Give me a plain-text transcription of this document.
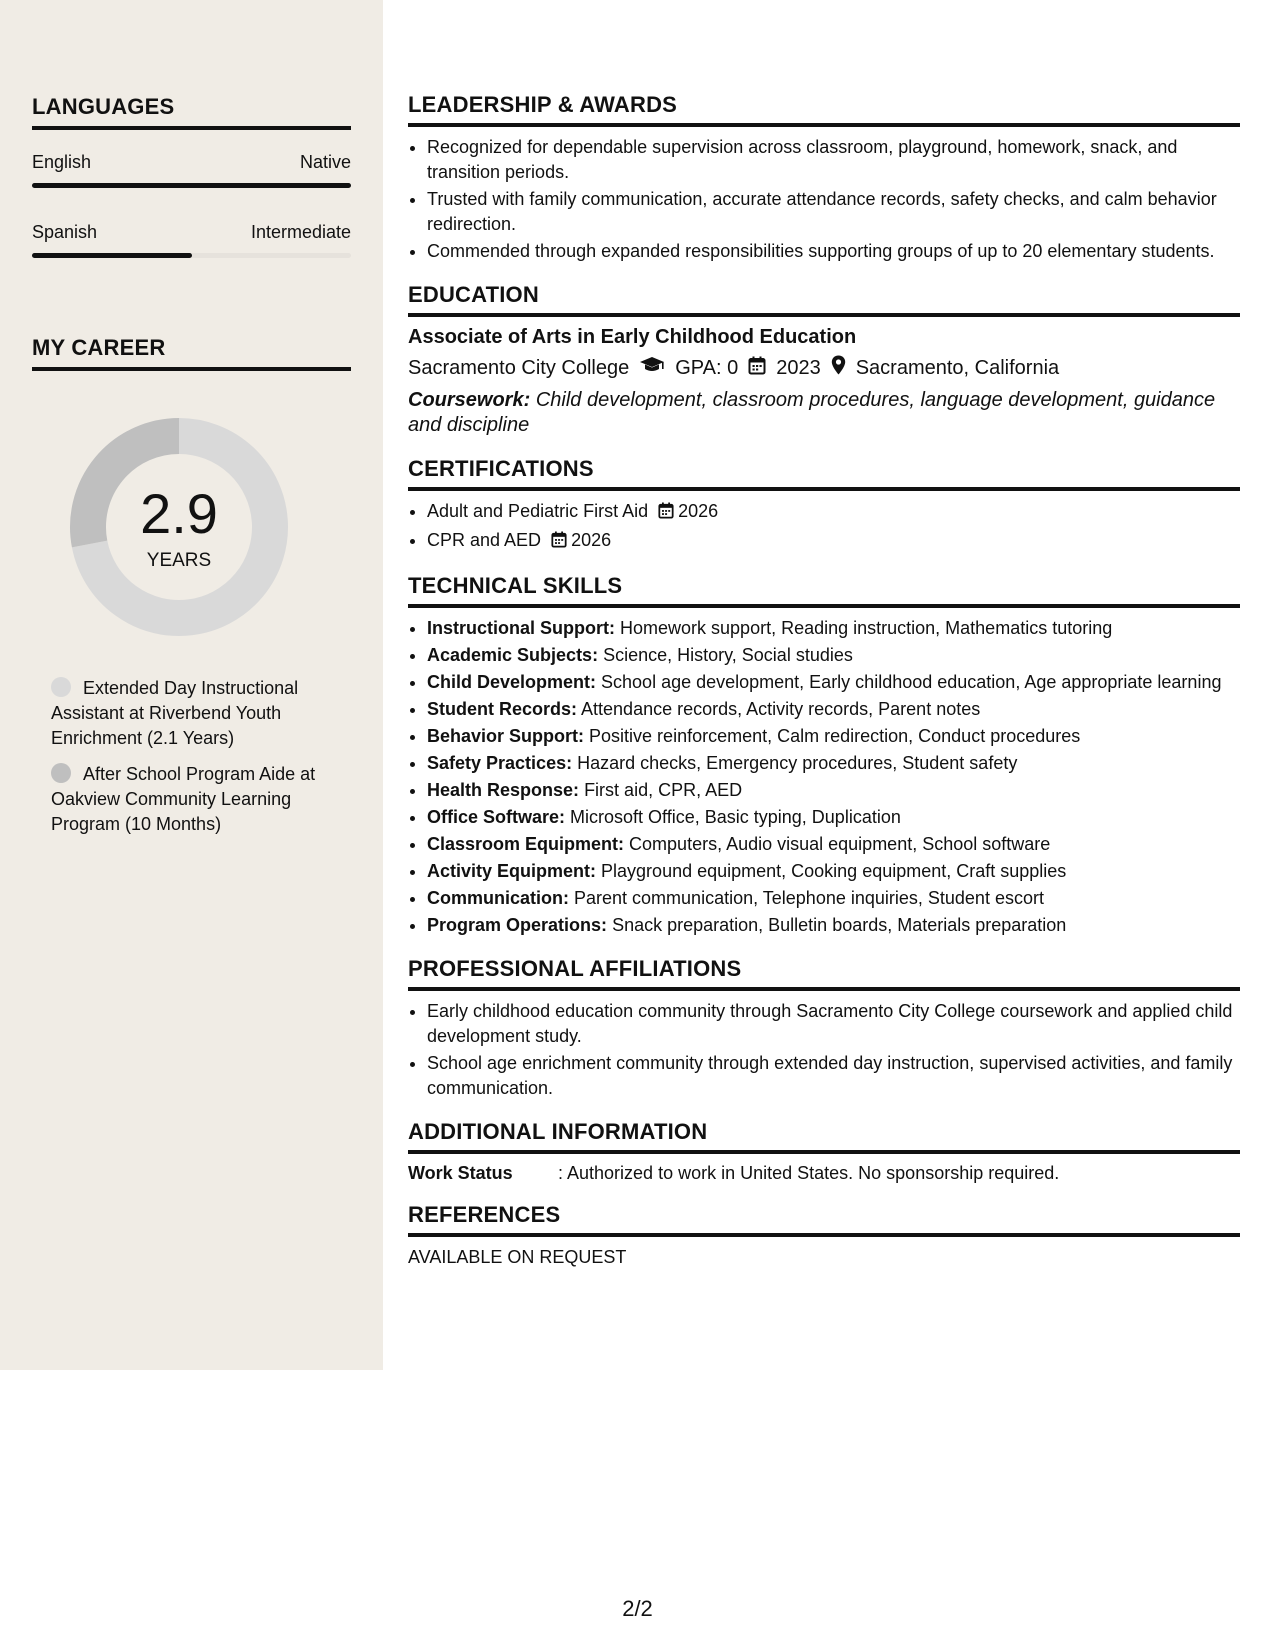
LANGUAGES
English	Native
Spanish	Intermediate
MY CAREER
2.9
YEARS
Extended Day Instructional Assistant at Riverbend Youth Enrichment (2.1 Years)
After School Program Aide at Oakview Community Learning Program (10 Months)
LEADERSHIP & AWARDS
• Recognized for dependable supervision across classroom, playground, homework, snack, and transition periods.
• Trusted with family communication, accurate attendance records, safety checks, and calm behavior redirection.
• Commended through expanded responsibilities supporting groups of up to 20 elementary students.
EDUCATION
Associate of Arts in Early Childhood Education
Sacramento City College GPA: 0 2023 Sacramento, California
Coursework: Child development, classroom procedures, language development, guidance and discipline
CERTIFICATIONS
• Adult and Pediatric First Aid 2026
• CPR and AED 2026
TECHNICAL SKILLS
• Instructional Support: Homework support, Reading instruction, Mathematics tutoring
• Academic Subjects: Science, History, Social studies
• Child Development: School age development, Early childhood education, Age appropriate learning
• Student Records: Attendance records, Activity records, Parent notes
• Behavior Support: Positive reinforcement, Calm redirection, Conduct procedures
• Safety Practices: Hazard checks, Emergency procedures, Student safety
• Health Response: First aid, CPR, AED
• Office Software: Microsoft Office, Basic typing, Duplication
• Classroom Equipment: Computers, Audio visual equipment, School software
• Activity Equipment: Playground equipment, Cooking equipment, Craft supplies
• Communication: Parent communication, Telephone inquiries, Student escort
• Program Operations: Snack preparation, Bulletin boards, Materials preparation
PROFESSIONAL AFFILIATIONS
• Early childhood education community through Sacramento City College coursework and applied child development study.
• School age enrichment community through extended day instruction, supervised activities, and family communication.
ADDITIONAL INFORMATION
Work Status	: Authorized to work in United States. No sponsorship required.
REFERENCES
AVAILABLE ON REQUEST
2/2
